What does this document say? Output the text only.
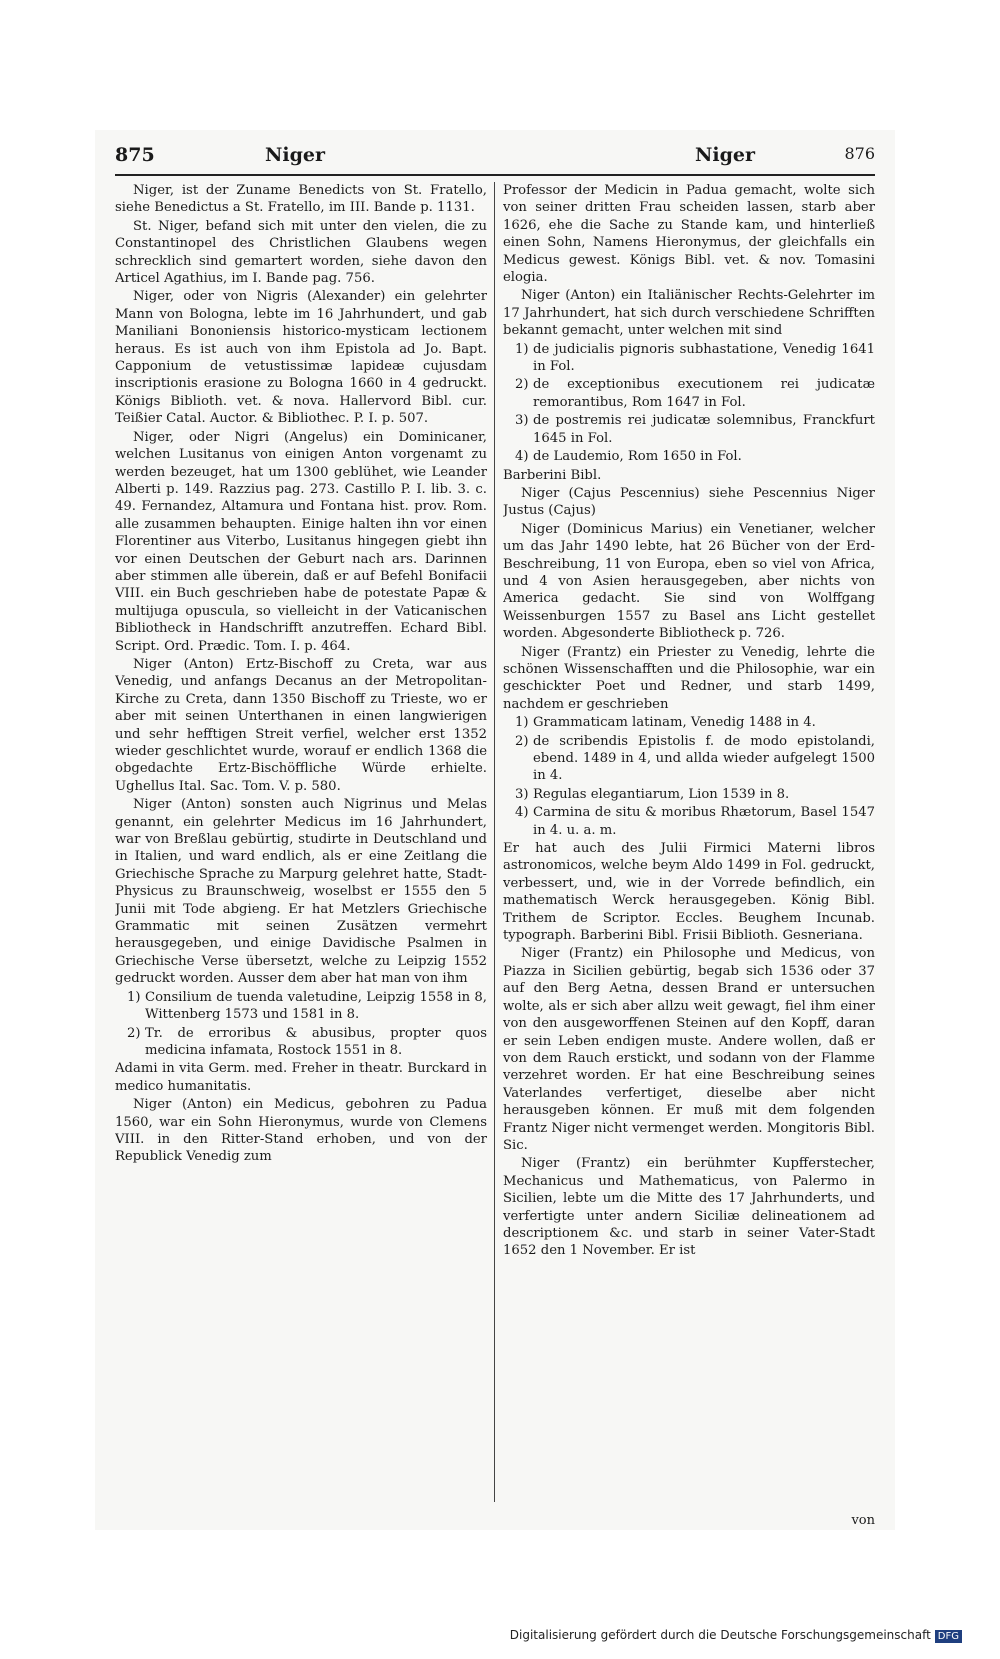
875	Niger	Niger	876

Niger, ist der Zuname Benedicts von St. Fratello, siehe Benedictus a St. Fratello, im III. Bande p. 1131.

St. Niger, befand sich mit unter den vielen, die zu Constantinopel des Christlichen Glaubens wegen schrecklich sind gemartert worden, siehe davon den Articel Agathius, im I. Bande pag. 756.

Niger, oder von Nigris (Alexander) ein gelehrter Mann von Bologna, lebte im 16 Jahrhundert, und gab Maniliani Bononiensis historico-mysticam lectionem heraus. Es ist auch von ihm Epistola ad Jo. Bapt. Capponium de vetustissimæ lapideæ cujusdam inscriptionis erasione zu Bologna 1660 in 4 gedruckt. Königs Biblioth. vet. & nova. Hallervord Bibl. cur. Teißier Catal. Auctor. & Bibliothec. P. I. p. 507.

Niger, oder Nigri (Angelus) ein Dominicaner, welchen Lusitanus von einigen Anton vorgenamt zu werden bezeuget, hat um 1300 geblühet, wie Leander Alberti p. 149. Razzius pag. 273. Castillo P. I. lib. 3. c. 49. Fernandez, Altamura und Fontana hist. prov. Rom. alle zusammen behaupten. Einige halten ihn vor einen Florentiner aus Viterbo, Lusitanus hingegen giebt ihn vor einen Deutschen der Geburt nach ars. Darinnen aber stimmen alle überein, daß er auf Befehl Bonifacii VIII. ein Buch geschrieben habe de potestate Papæ & multijuga opuscula, so vielleicht in der Vaticanischen Bibliotheck in Handschrifft anzutreffen. Echard Bibl. Script. Ord. Prædic. Tom. I. p. 464.

Niger (Anton) Ertz-Bischoff zu Creta, war aus Venedig, und anfangs Decanus an der Metropolitan-Kirche zu Creta, dann 1350 Bischoff zu Trieste, wo er aber mit seinen Unterthanen in einen langwierigen und sehr hefftigen Streit verfiel, welcher erst 1352 wieder geschlichtet wurde, worauf er endlich 1368 die obgedachte Ertz-Bischöffliche Würde erhielte. Ughellus Ital. Sac. Tom. V. p. 580.

Niger (Anton) sonsten auch Nigrinus und Melas genannt, ein gelehrter Medicus im 16 Jahrhundert, war von Breßlau gebürtig, studirte in Deutschland und in Italien, und ward endlich, als er eine Zeitlang die Griechische Sprache zu Marpurg gelehret hatte, Stadt-Physicus zu Braunschweig, woselbst er 1555 den 5 Junii mit Tode abgieng. Er hat Metzlers Griechische Grammatic mit seinen Zusätzen vermehrt herausgegeben, und einige Davidische Psalmen in Griechische Verse übersetzt, welche zu Leipzig 1552 gedruckt worden. Ausser dem aber hat man von ihm

1) Consilium de tuenda valetudine, Leipzig 1558 in 8, Wittenberg 1573 und 1581 in 8.

2) Tr. de erroribus & abusibus, propter quos medicina infamata, Rostock 1551 in 8.

Adami in vita Germ. med. Freher in theatr. Burckard in medico humanitatis.

Niger (Anton) ein Medicus, gebohren zu Padua 1560, war ein Sohn Hieronymus, wurde von Clemens VIII. in den Ritter-Stand erhoben, und von der Republick Venedig zum

Professor der Medicin in Padua gemacht, wolte sich von seiner dritten Frau scheiden lassen, starb aber 1626, ehe die Sache zu Stande kam, und hinterließ einen Sohn, Namens Hieronymus, der gleichfalls ein Medicus gewest. Königs Bibl. vet. & nov. Tomasini elogia.

Niger (Anton) ein Italiänischer Rechts-Gelehrter im 17 Jahrhundert, hat sich durch verschiedene Schrifften bekannt gemacht, unter welchen mit sind

1) de judicialis pignoris subhastatione, Venedig 1641 in Fol.

2) de exceptionibus executionem rei judicatæ remorantibus, Rom 1647 in Fol.

3) de postremis rei judicatæ solemnibus, Franckfurt 1645 in Fol.

4) de Laudemio, Rom 1650 in Fol.

Barberini Bibl.

Niger (Cajus Pescennius) siehe Pescennius Niger Justus (Cajus)

Niger (Dominicus Marius) ein Venetianer, welcher um das Jahr 1490 lebte, hat 26 Bücher von der Erd-Beschreibung, 11 von Europa, eben so viel von Africa, und 4 von Asien herausgegeben, aber nichts von America gedacht. Sie sind von Wolffgang Weissenburgen 1557 zu Basel ans Licht gestellet worden. Abgesonderte Bibliotheck p. 726.

Niger (Frantz) ein Priester zu Venedig, lehrte die schönen Wissenschafften und die Philosophie, war ein geschickter Poet und Redner, und starb 1499, nachdem er geschrieben

1) Grammaticam latinam, Venedig 1488 in 4.

2) de scribendis Epistolis f. de modo epistolandi, ebend. 1489 in 4, und allda wieder aufgelegt 1500 in 4.

3) Regulas elegantiarum, Lion 1539 in 8.

4) Carmina de situ & moribus Rhætorum, Basel 1547 in 4. u. a. m.

Er hat auch des Julii Firmici Materni libros astronomicos, welche beym Aldo 1499 in Fol. gedruckt, verbessert, und, wie in der Vorrede befindlich, ein mathematisch Werck herausgegeben. König Bibl. Trithem de Scriptor. Eccles. Beughem Incunab. typograph. Barberini Bibl. Frisii Biblioth. Gesneriana.

Niger (Frantz) ein Philosophe und Medicus, von Piazza in Sicilien gebürtig, begab sich 1536 oder 37 auf den Berg Aetna, dessen Brand er untersuchen wolte, als er sich aber allzu weit gewagt, fiel ihm einer von den ausgeworffenen Steinen auf den Kopff, daran er sein Leben endigen muste. Andere wollen, daß er von dem Rauch erstickt, und sodann von der Flamme verzehret worden. Er hat eine Beschreibung seines Vaterlandes verfertiget, dieselbe aber nicht herausgeben können. Er muß mit dem folgenden Frantz Niger nicht vermenget werden. Mongitoris Bibl. Sic.

Niger (Frantz) ein berühmter Kupfferstecher, Mechanicus und Mathematicus, von Palermo in Sicilien, lebte um die Mitte des 17 Jahrhunderts, und verfertigte unter andern Siciliæ delineationem ad descriptionem &c. und starb in seiner Vater-Stadt 1652 den 1 November. Er ist

von
Digitalisierung gefördert durch die Deutsche Forschungsgemeinschaft DFG
